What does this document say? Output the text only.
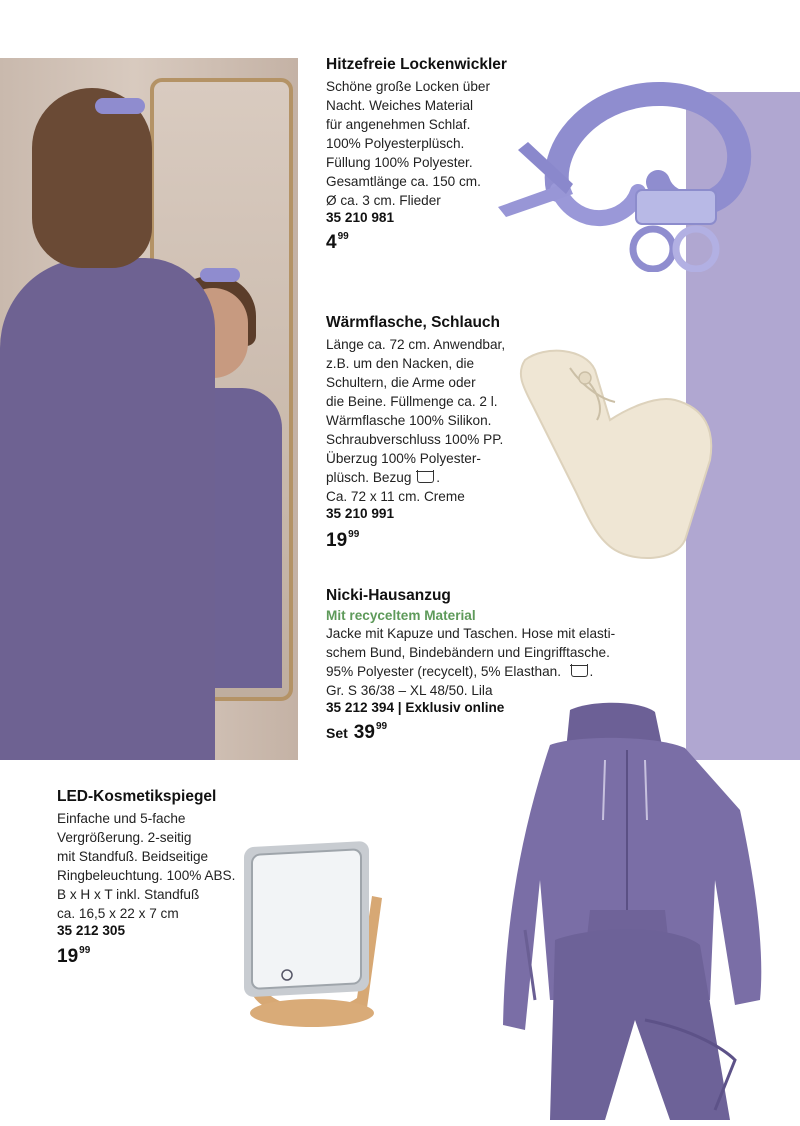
Hitzefreie Lockenwickler
Schöne große Locken über
Nacht. Weiches Material
für angenehmen Schlaf.
100% Polyesterplüsch.
Füllung 100% Polyester.
Gesamtlänge ca. 150 cm.
Ø ca. 3 cm. Flieder
35 210 981
$4^{99}$
Wärmflasche, Schlauch
Länge ca. 72 cm. Anwendbar,
z.B. um den Nacken, die
Schultern, die Arme oder
die Beine. Füllmenge ca. 2 l.
Wärmflasche 100% Silikon.
Schraubverschluss 100% PP.
Überzug 100% Polyester-
plüsch. Bezug .
Ca. 72 x 11 cm. Creme
35 210 991
$19^{99}$
Nicki-Hausanzug
Mit recyceltem Material
Jacke mit Kapuze und Taschen. Hose mit elasti-
schem Bund, Bindebändern und Eingrifftasche.
95% Polyester (recycelt), 5% Elasthan. .
Gr. S 36/38 – XL 48/50. Lila
35 212 394 | Exklusiv online
Set $39^{99}$
LED-Kosmetikspiegel
Einfache und 5-fache
Vergrößerung. 2-seitig
mit Standfuß. Beidseitige
Ringbeleuchtung. 100% ABS.
B x H x T inkl. Standfuß
ca. 16,5 x 22 x 7 cm
35 212 305
$19^{99}$
